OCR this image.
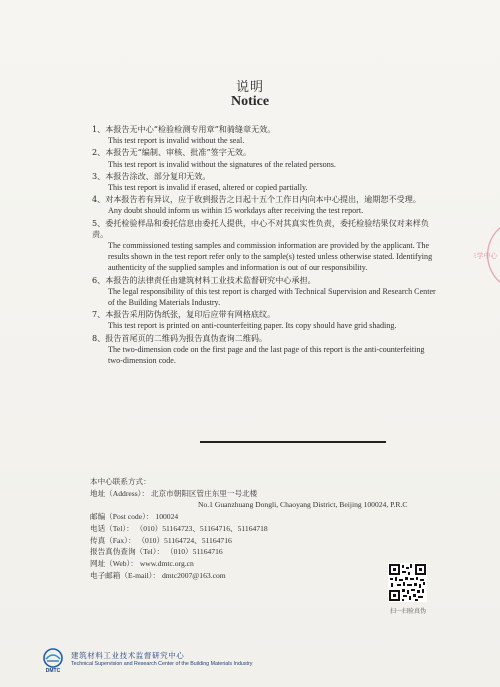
ﾐ学中心
说明
Notice
1、本报告无中心“检验检测专用章”和骑缝章无效。
This test report is invalid without the seal.
2、本报告无“编制、审核、批准”签字无效。
This test report is invalid without the signatures of the related persons.
3、本报告涂改、部分复印无效。
This test report is invalid if erased, altered or copied partially.
4、对本报告若有异议，应于收到报告之日起十五个工作日内向本中心提出，逾期恕不受理。
Any doubt should inform us within 15 workdays after receiving the test report.
5、委托检验样品和委托信息由委托人提供，中心不对其真实性负责，委托检验结果仅对来样负责。
The commissioned testing samples and commission information are provided by the applicant. The results shown in the test report refer only to the sample(s) tested unless otherwise stated. Identifying authenticity of the supplied samples and information is out of our responsibility.
6、本报告的法律责任由建筑材料工业技术监督研究中心承担。
The legal responsibility of this test report is charged with Technical Supervision and Research Center of the Building Materials Industry.
7、本报告采用防伪纸张，复印后应带有网格底纹。
This test report is printed on anti-counterfeiting paper. Its copy should have grid shading.
8、报告首尾页的二维码为报告真伪查询二维码。
The two-dimension code on the first page and the last page of this report is the anti-counterfeiting two-dimension code.
本中心联系方式：
地址（Address）： 北京市朝阳区管庄东里一号北楼
No.1 Guanzhuang Dongli, Chaoyang District, Beijing 100024, P.R.C
邮编（Post code）： 100024
电话（Tel）： （010）51164723、51164716、51164718
传真（Fax）： （010）51164724、51164716
报告真伪查询（Tel）： （010）51164716
网址（Web）： www.dmtc.org.cn
电子邮箱（E-mail）： dmtc2007@163.com
扫一扫验真伪
DMTC
建筑材料工业技术监督研究中心
Technical Supervision and Research Center of the Building Materials Industry
